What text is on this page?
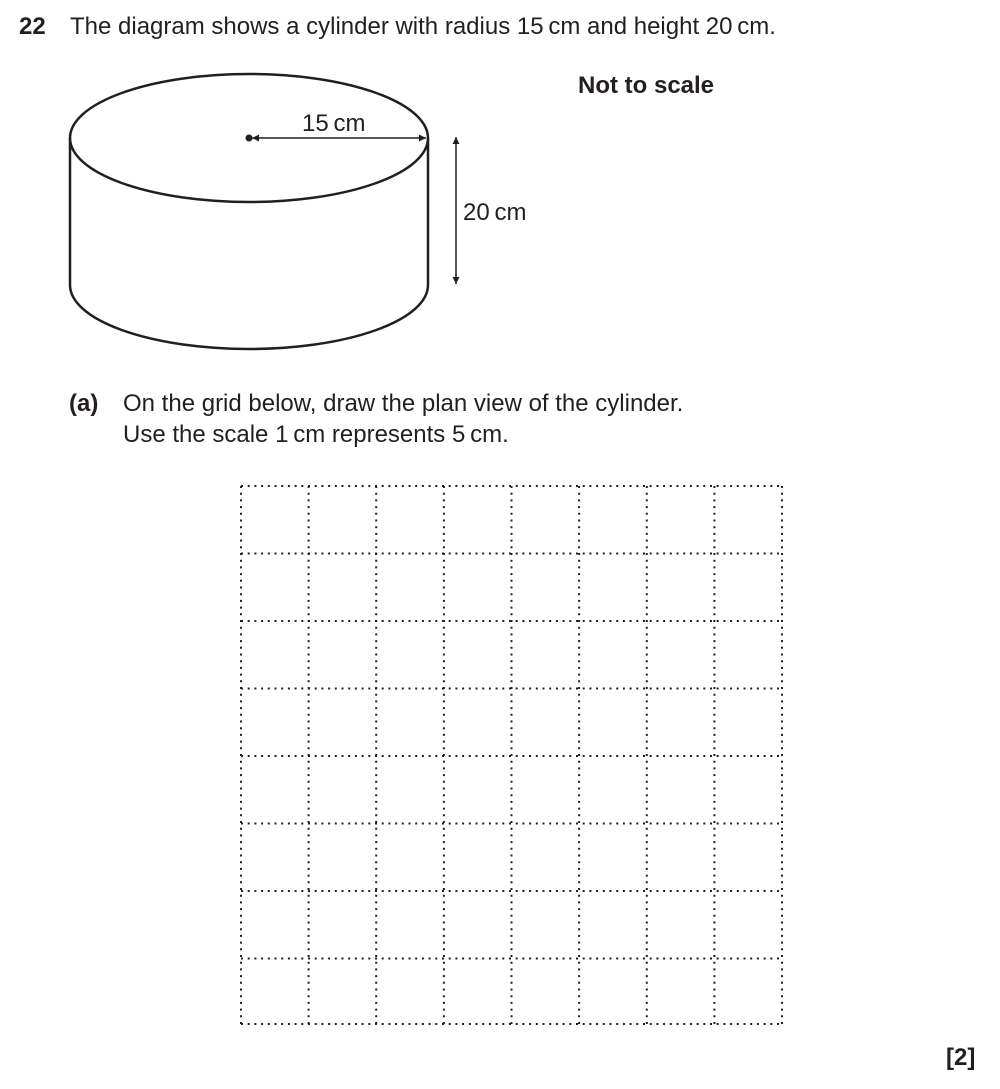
22 The diagram shows a cylinder with radius 15 cm and height 20 cm.
Not to scale
15 cm
20 cm
(a) On the grid below, draw the plan view of the cylinder.
Use the scale 1 cm represents 5 cm.
[2]
